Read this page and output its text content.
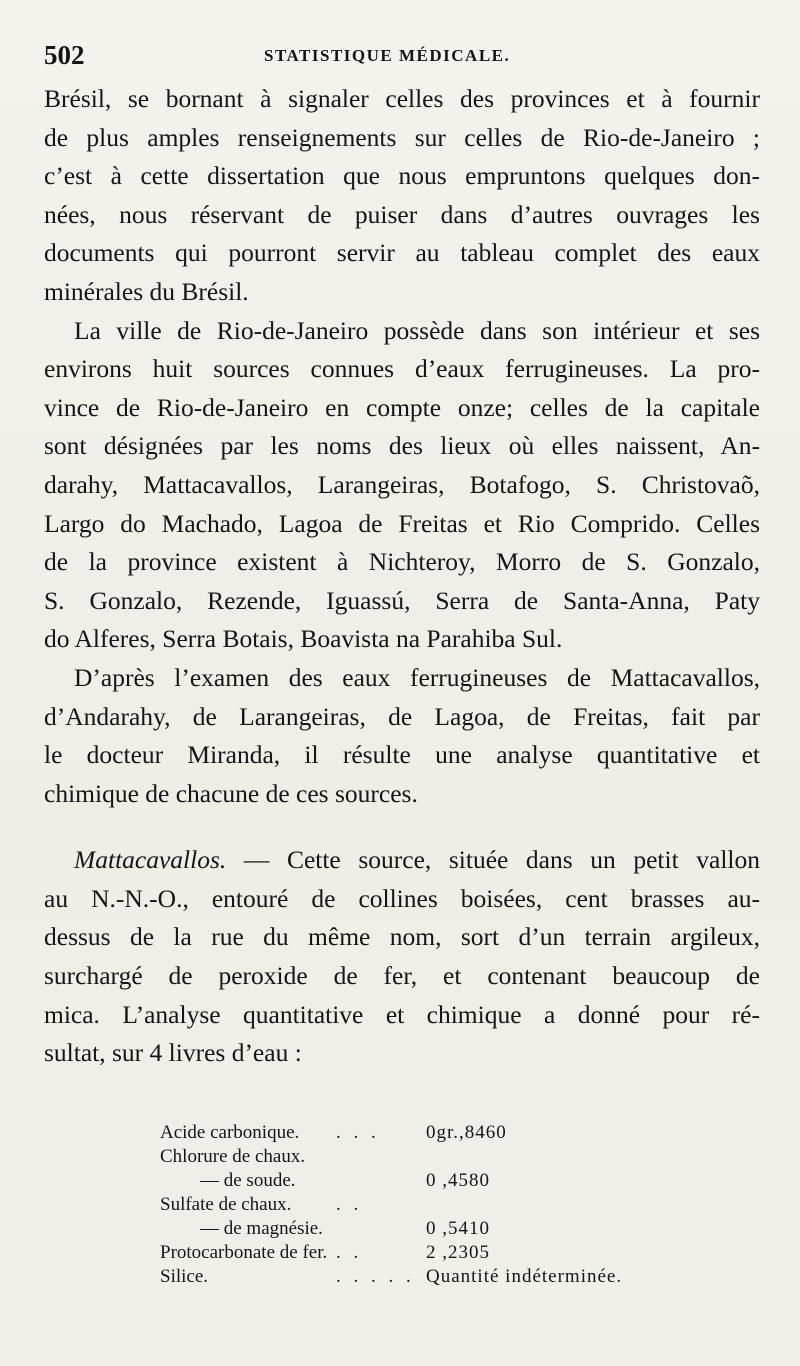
502	STATISTIQUE MÉDICALE.
Brésil, se bornant à signaler celles des provinces et à fournir
de plus amples renseignements sur celles de Rio-de-Janeiro ;
c’est à cette dissertation que nous empruntons quelques don-
nées, nous réservant de puiser dans d’autres ouvrages les
documents qui pourront servir au tableau complet des eaux
minérales du Brésil.
La ville de Rio-de-Janeiro possède dans son intérieur et ses
environs huit sources connues d’eaux ferrugineuses. La pro-
vince de Rio-de-Janeiro en compte onze; celles de la capitale
sont désignées par les noms des lieux où elles naissent, An-
darahy, Mattacavallos, Larangeiras, Botafogo, S. Christovaõ,
Largo do Machado, Lagoa de Freitas et Rio Comprido. Celles
de la province existent à Nichteroy, Morro de S. Gonzalo,
S. Gonzalo, Rezende, Iguassú, Serra de Santa-Anna, Paty
do Alferes, Serra Botais, Boavista na Parahiba Sul.
D’après l’examen des eaux ferrugineuses de Mattacavallos,
d’Andarahy, de Larangeiras, de Lagoa, de Freitas, fait par
le docteur Miranda, il résulte une analyse quantitative et
chimique de chacune de ces sources.
Mattacavallos. — Cette source, située dans un petit vallon
au N.-N.-O., entouré de collines boisées, cent brasses au-
dessus de la rue du même nom, sort d’un terrain argileux,
surchargé de peroxide de fer, et contenant beaucoup de
mica. L’analyse quantitative et chimique a donné pour ré-
sultat, sur 4 livres d’eau :
Acide carbonique. . . . 0gr.,8460
Chlorure de chaux.
— de soude.	0 ,4580
Sulfate de chaux. . .
— de magnésie.	0 ,5410
Protocarbonate de fer. . .	2 ,2305
Silice.	. . . . . Quantité indéterminée.
